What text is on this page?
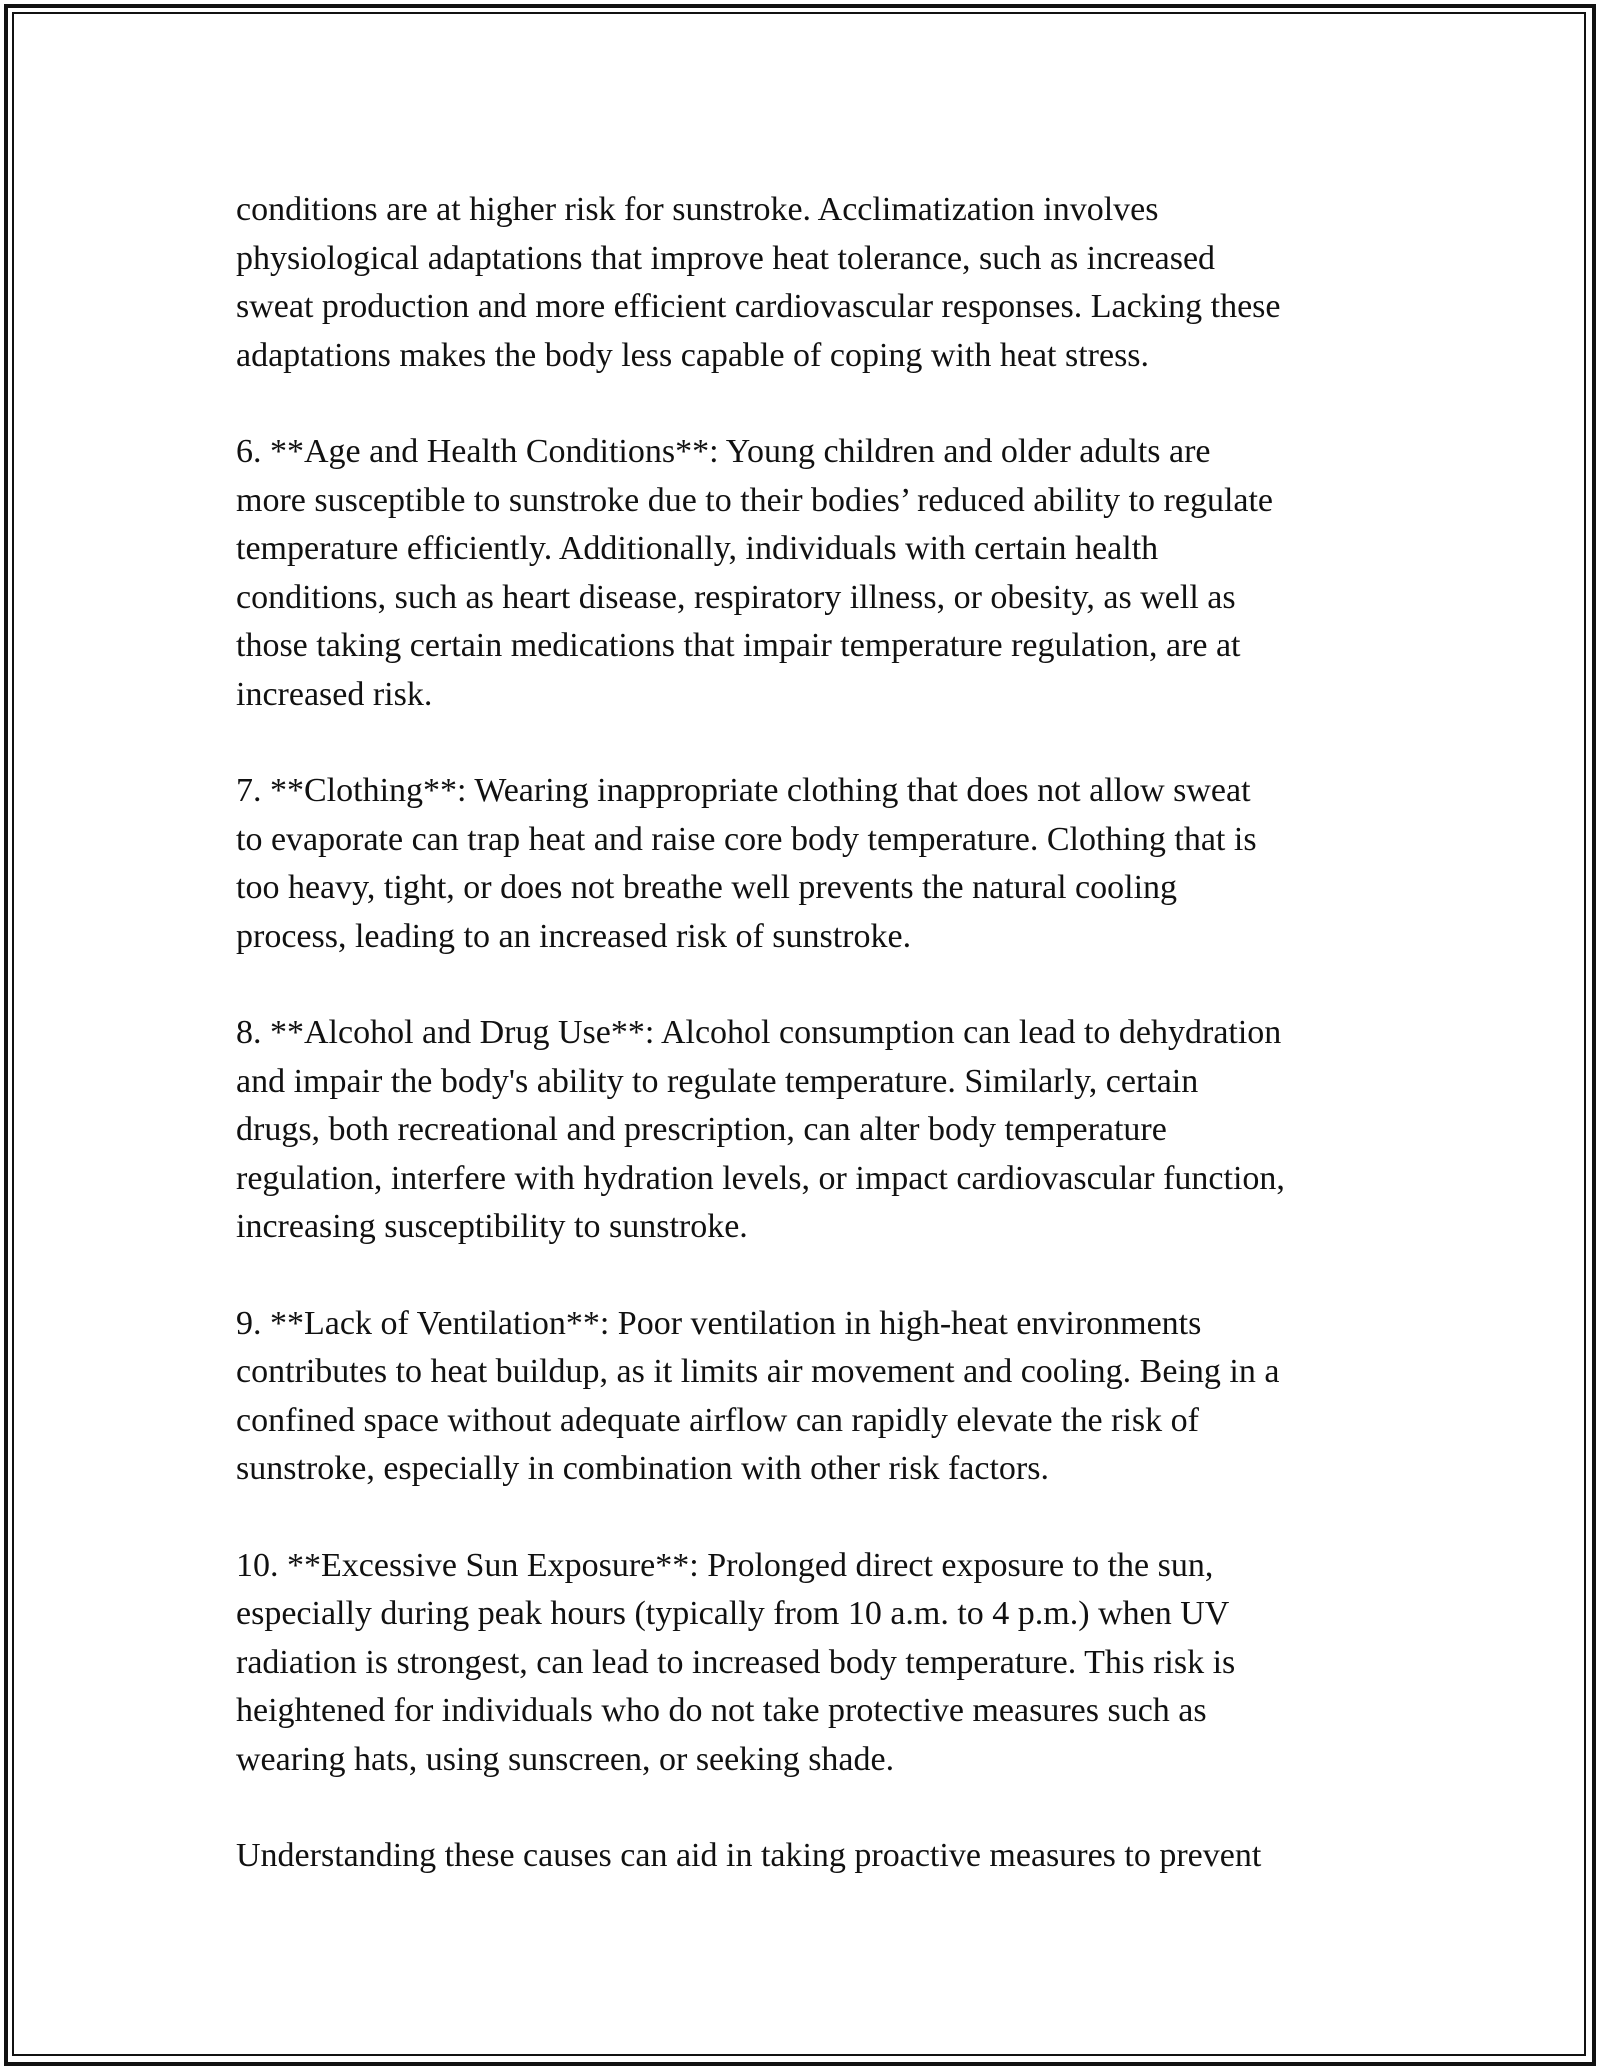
conditions are at higher risk for sunstroke. Acclimatization involves
physiological adaptations that improve heat tolerance, such as increased
sweat production and more efficient cardiovascular responses. Lacking these
adaptations makes the body less capable of coping with heat stress.

6. **Age and Health Conditions**: Young children and older adults are
more susceptible to sunstroke due to their bodies’ reduced ability to regulate
temperature efficiently. Additionally, individuals with certain health
conditions, such as heart disease, respiratory illness, or obesity, as well as
those taking certain medications that impair temperature regulation, are at
increased risk.

7. **Clothing**: Wearing inappropriate clothing that does not allow sweat
to evaporate can trap heat and raise core body temperature. Clothing that is
too heavy, tight, or does not breathe well prevents the natural cooling
process, leading to an increased risk of sunstroke.

8. **Alcohol and Drug Use**: Alcohol consumption can lead to dehydration
and impair the body's ability to regulate temperature. Similarly, certain
drugs, both recreational and prescription, can alter body temperature
regulation, interfere with hydration levels, or impact cardiovascular function,
increasing susceptibility to sunstroke.

9. **Lack of Ventilation**: Poor ventilation in high-heat environments
contributes to heat buildup, as it limits air movement and cooling. Being in a
confined space without adequate airflow can rapidly elevate the risk of
sunstroke, especially in combination with other risk factors.

10. **Excessive Sun Exposure**: Prolonged direct exposure to the sun,
especially during peak hours (typically from 10 a.m. to 4 p.m.) when UV
radiation is strongest, can lead to increased body temperature. This risk is
heightened for individuals who do not take protective measures such as
wearing hats, using sunscreen, or seeking shade.

Understanding these causes can aid in taking proactive measures to prevent
